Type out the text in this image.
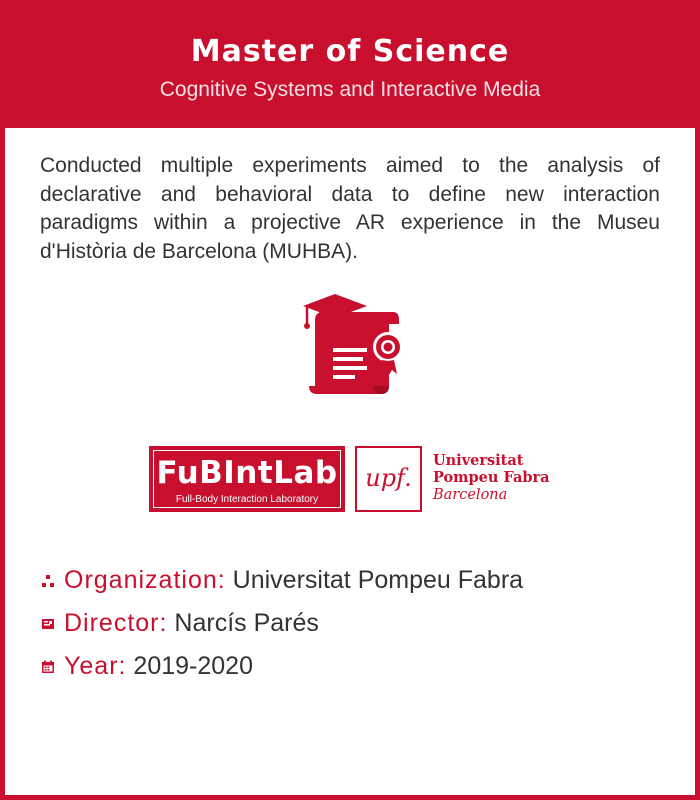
Master of Science
Cognitive Systems and Interactive Media

Conducted multiple experiments aimed to the analysis of declarative and behavioral data to define new interaction paradigms within a projective AR experience in the Museu d'Història de Barcelona (MUHBA).

FuBIntLab
Full-Body Interaction Laboratory
upf.
Universitat
Pompeu Fabra
Barcelona
Organization: Universitat Pompeu Fabra
Director: Narcís Parés
Year: 2019-2020
